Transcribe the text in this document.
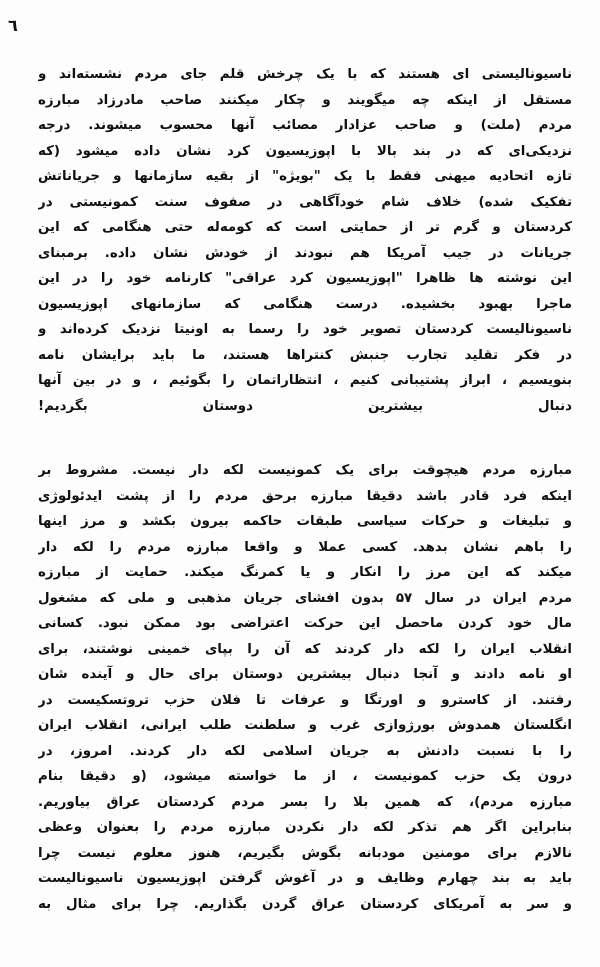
٦
ناسیونالیستی ای هستند که با یک چرخش قلم جای مردم نشسته‌اند و
مستقل از اینکه چه میگویند و چکار میکنند صاحب مادرزاد مبارزه
مردم (ملت) و صاحب عزادار مصائب آنها محسوب میشوند. درجه
نزدیکی‌ای که در بند بالا با اپوزیسیون کرد نشان داده میشود (که
تازه اتحادیه میهنی فقط با یک "بویژه" از بقیه سازمانها و جریاناتش
تفکیک شده) خلاف شام خودآگاهی در صفوف سنت کمونیستی در
کردستان و گرم تر از حمایتی است که کومه‌له حتی هنگامی که این
جریانات در جیب آمریکا هم نبودند از خودش نشان داده. برمبنای
این نوشته ها ظاهرا "اپوزیسیون کرد عراقی" کارنامه خود را در این
ماجرا بهبود بخشیده. درست هنگامی که سازمانهای اپوزیسیون
ناسیونالیست کردستان تصویر خود را رسما به اونیتا نزدیک کرده‌اند و
در فکر تقلید تجارب جنبش کنتراها هستند، ما باید برایشان نامه
بنویسیم ، ابراز پشتیبانی کنیم ، انتظاراتمان را بگوئیم ، و در بین آنها
دنبال بیشترین دوستان بگردیم!
مبارزه مردم هیچوقت برای یک کمونیست لکه دار نیست. مشروط بر
اینکه فرد قادر باشد دقیقا مبارزه برحق مردم را از پشت ایدئولوژی
و تبلیغات و حرکات سیاسی طبقات حاکمه بیرون بکشد و مرز اینها
را باهم نشان بدهد. کسی عملا و واقعا مبارزه مردم را لکه دار
میکند که این مرز را انکار و یا کمرنگ میکند. حمایت از مبارزه
مردم ایران در سال ۵۷ بدون افشای جریان مذهبی و ملی که مشغول
مال خود کردن ماحصل این حرکت اعتراضی بود ممکن نبود. کسانی
انقلاب ایران را لکه دار کردند که آن را بپای خمینی نوشتند، برای
او نامه دادند و آنجا دنبال بیشترین دوستان برای حال و آینده شان
رفتند. از کاسترو و اورتگا و عرفات تا فلان حزب تروتسکیست در
انگلستان همدوش بورژوازی غرب و سلطنت طلب ایرانی، انقلاب ایران
را با نسبت دادنش به جریان اسلامی لکه دار کردند. امروز، در
درون یک حزب کمونیست ، از ما خواسته میشود، (و دقیقا بنام
مبارزه مردم)، که همین بلا را بسر مردم کردستان عراق بیاوریم.
بنابراین اگر هم تذکر لکه دار نکردن مبارزه مردم را بعنوان وعظی
نالازم برای مومنین مودبانه بگوش بگیریم، هنوز معلوم نیست چرا
باید به بند چهارم وظایف و در آغوش گرفتن اپوزیسیون ناسیونالیست
و سر به آمریکای کردستان عراق گردن بگذاریم. چرا برای مثال به
